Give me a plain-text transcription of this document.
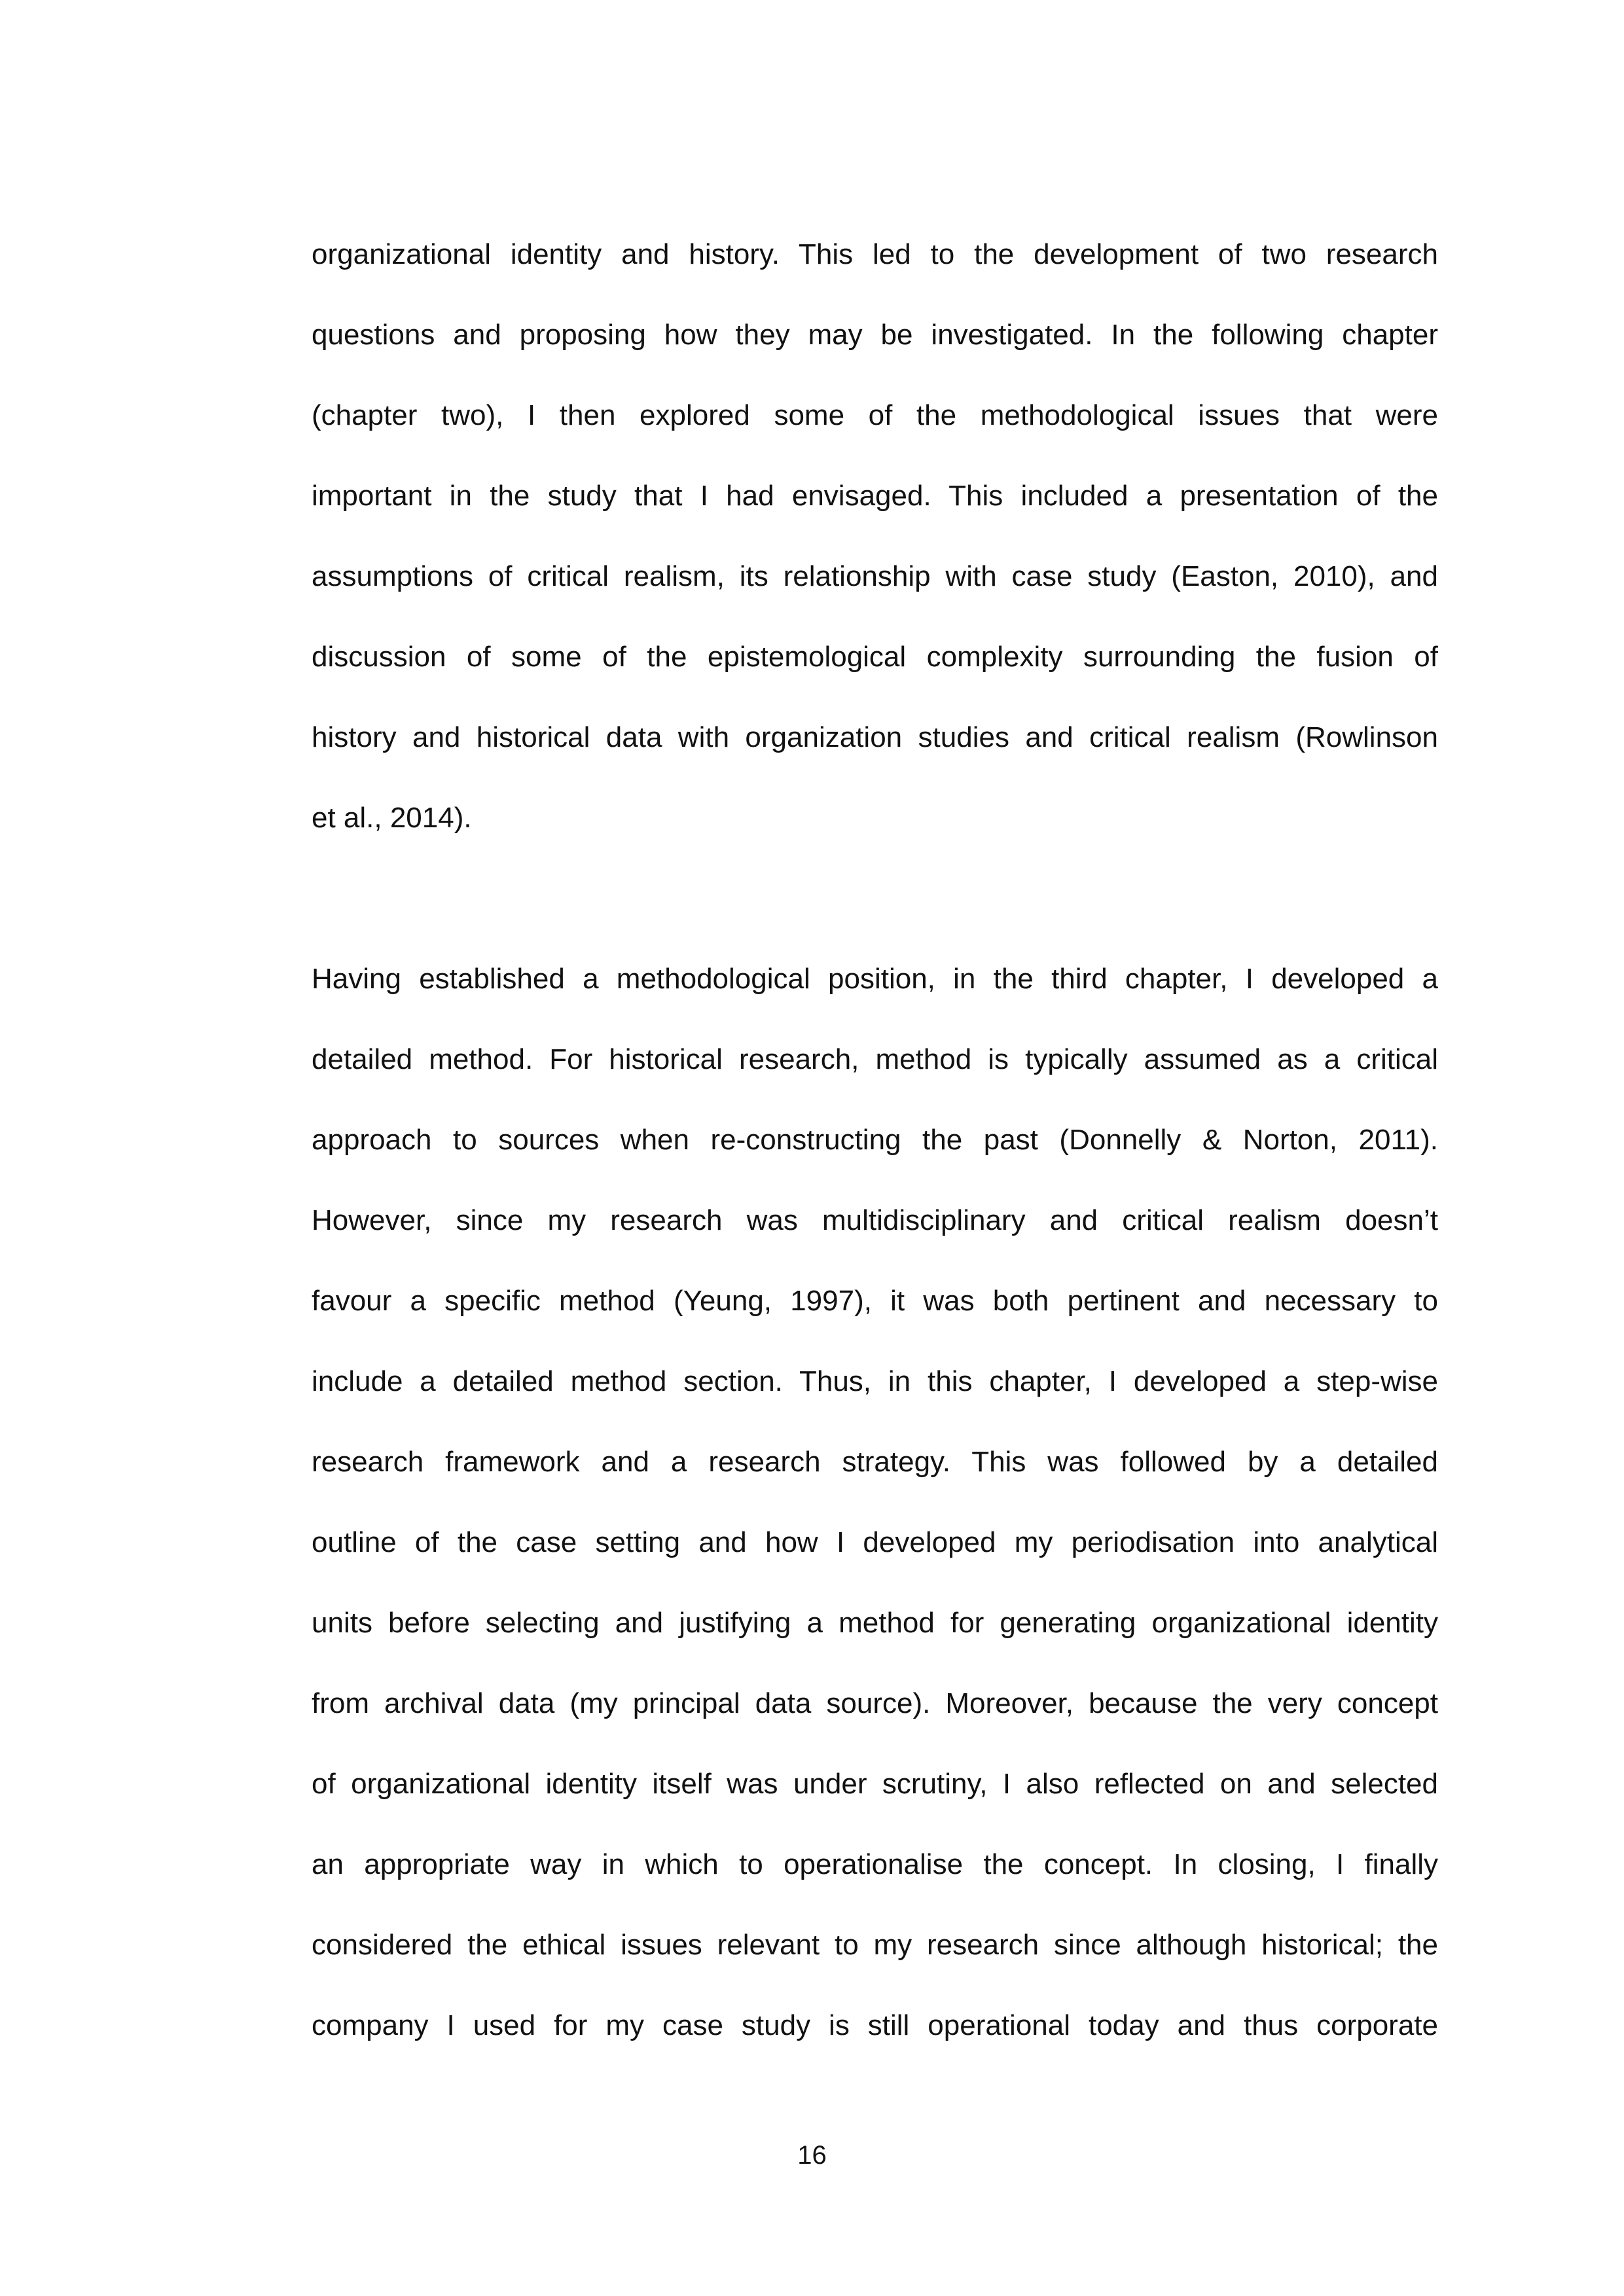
organizational identity and history. This led to the development of two research
questions and proposing how they may be investigated. In the following chapter
(chapter two), I then explored some of the methodological issues that were
important in the study that I had envisaged. This included a presentation of the
assumptions of critical realism, its relationship with case study (Easton, 2010), and
discussion of some of the epistemological complexity surrounding the fusion of
history and historical data with organization studies and critical realism (Rowlinson
et al., 2014).
Having established a methodological position, in the third chapter, I developed a
detailed method. For historical research, method is typically assumed as a critical
approach to sources when re-constructing the past (Donnelly & Norton, 2011).
However, since my research was multidisciplinary and critical realism doesn’t
favour a specific method (Yeung, 1997), it was both pertinent and necessary to
include a detailed method section. Thus, in this chapter, I developed a step-wise
research framework and a research strategy. This was followed by a detailed
outline of the case setting and how I developed my periodisation into analytical
units before selecting and justifying a method for generating organizational identity
from archival data (my principal data source). Moreover, because the very concept
of organizational identity itself was under scrutiny, I also reflected on and selected
an appropriate way in which to operationalise the concept. In closing, I finally
considered the ethical issues relevant to my research since although historical; the
company I used for my case study is still operational today and thus corporate
16
